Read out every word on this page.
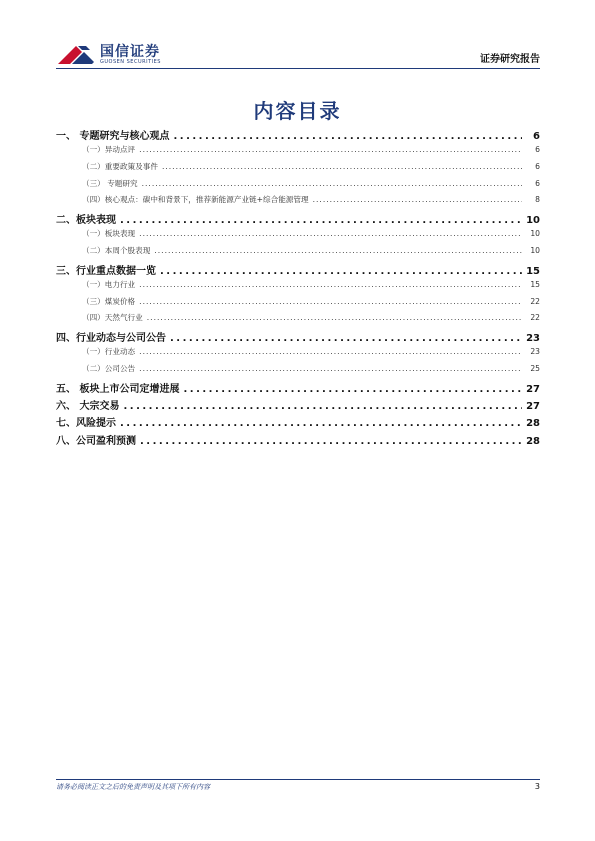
国信证券
GUOSEN SECURITIES	证券研究报告
内容目录
一、 专题研究与核心观点 .....	6
（一）异动点评 .....	6
（二）重要政策及事件 .....	6
（三） 专题研究 .....	6
（四）核心观点：碳中和背景下，推荐新能源产业链+综合能源管理 .....	8
二、板块表现 .....	10
（一）板块表现 .....	10
（二）本周个股表现 .....	10
三、行业重点数据一览 .....	15
（一）电力行业 .....	15
（三）煤炭价格 .....	22
（四）天然气行业 .....	22
四、行业动态与公司公告 .....	23
（一）行业动态 .....	23
（二）公司公告 .....	25
五、 板块上市公司定增进展 .....	27
六、 大宗交易 .....	27
七、风险提示 .....	28
八、公司盈利预测 .....	28
请务必阅读正文之后的免责声明及其项下所有内容	3
